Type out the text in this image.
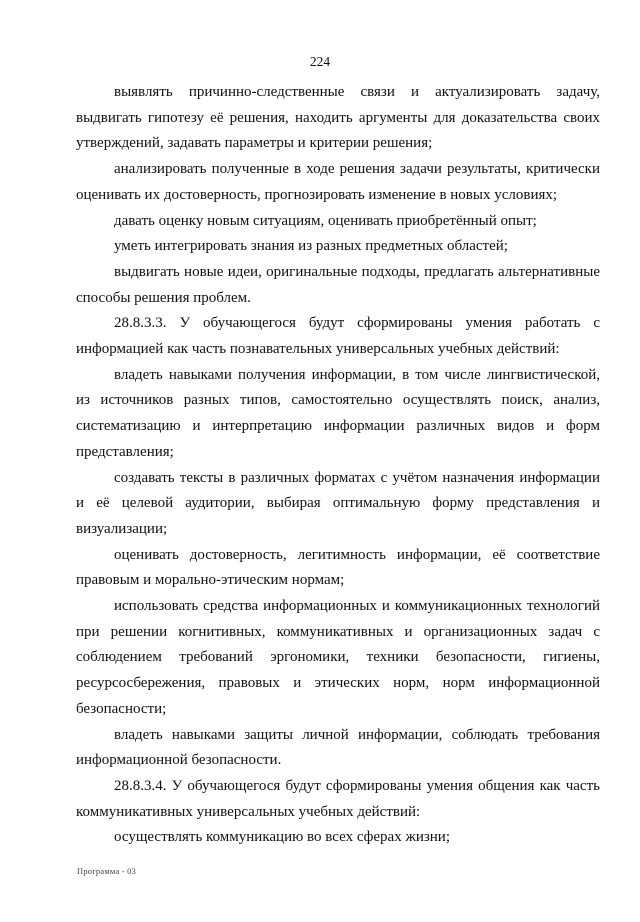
224

выявлять причинно-следственные связи и актуализировать задачу, выдвигать гипотезу её решения, находить аргументы для доказательства своих утверждений, задавать параметры и критерии решения;

анализировать полученные в ходе решения задачи результаты, критически оценивать их достоверность, прогнозировать изменение в новых условиях;

давать оценку новым ситуациям, оценивать приобретённый опыт;

уметь интегрировать знания из разных предметных областей;

выдвигать новые идеи, оригинальные подходы, предлагать альтернативные способы решения проблем.

28.8.3.3. У обучающегося будут сформированы умения работать с информацией как часть познавательных универсальных учебных действий:

владеть навыками получения информации, в том числе лингвистической, из источников разных типов, самостоятельно осуществлять поиск, анализ, систематизацию и интерпретацию информации различных видов и форм представления;

создавать тексты в различных форматах с учётом назначения информации и её целевой аудитории, выбирая оптимальную форму представления и визуализации;

оценивать достоверность, легитимность информации, её соответствие правовым и морально-этическим нормам;

использовать средства информационных и коммуникационных технологий при решении когнитивных, коммуникативных и организационных задач с соблюдением требований эргономики, техники безопасности, гигиены, ресурсосбережения, правовых и этических норм, норм информационной безопасности;

владеть навыками защиты личной информации, соблюдать требования информационной безопасности.

28.8.3.4. У обучающегося будут сформированы умения общения как часть коммуникативных универсальных учебных действий:

осуществлять коммуникацию во всех сферах жизни;

Программа - 03
